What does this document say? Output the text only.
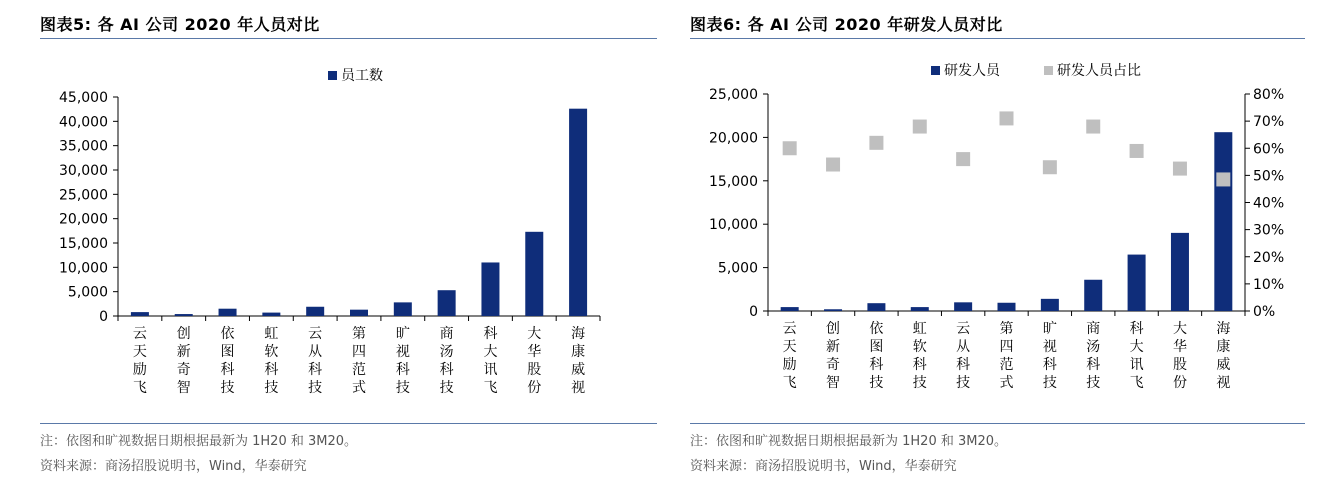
图表5: 各 AI 公司 2020 年人员对比
0
5,000
10,000
15,000
20,000
25,000
30,000
35,000
40,000
45,000
云天励飞
创新奇智
依图科技
虹软科技
云从科技
第四范式
旷视科技
商汤科技
科大讯飞
大华股份
海康威视
员工数
注：依图和旷视数据日期根据最新为 1H20 和 3M20。
资料来源：商汤招股说明书，Wind，华泰研究
图表6: 各 AI 公司 2020 年研发人员对比
0
5,000
10,000
15,000
20,000
25,000
0%
10%
20%
30%
40%
50%
60%
70%
80%
云天励飞
创新奇智
依图科技
虹软科技
云从科技
第四范式
旷视科技
商汤科技
科大讯飞
大华股份
海康威视
研发人员	研发人员占比
注：依图和旷视数据日期根据最新为 1H20 和 3M20。
资料来源：商汤招股说明书，Wind，华泰研究
